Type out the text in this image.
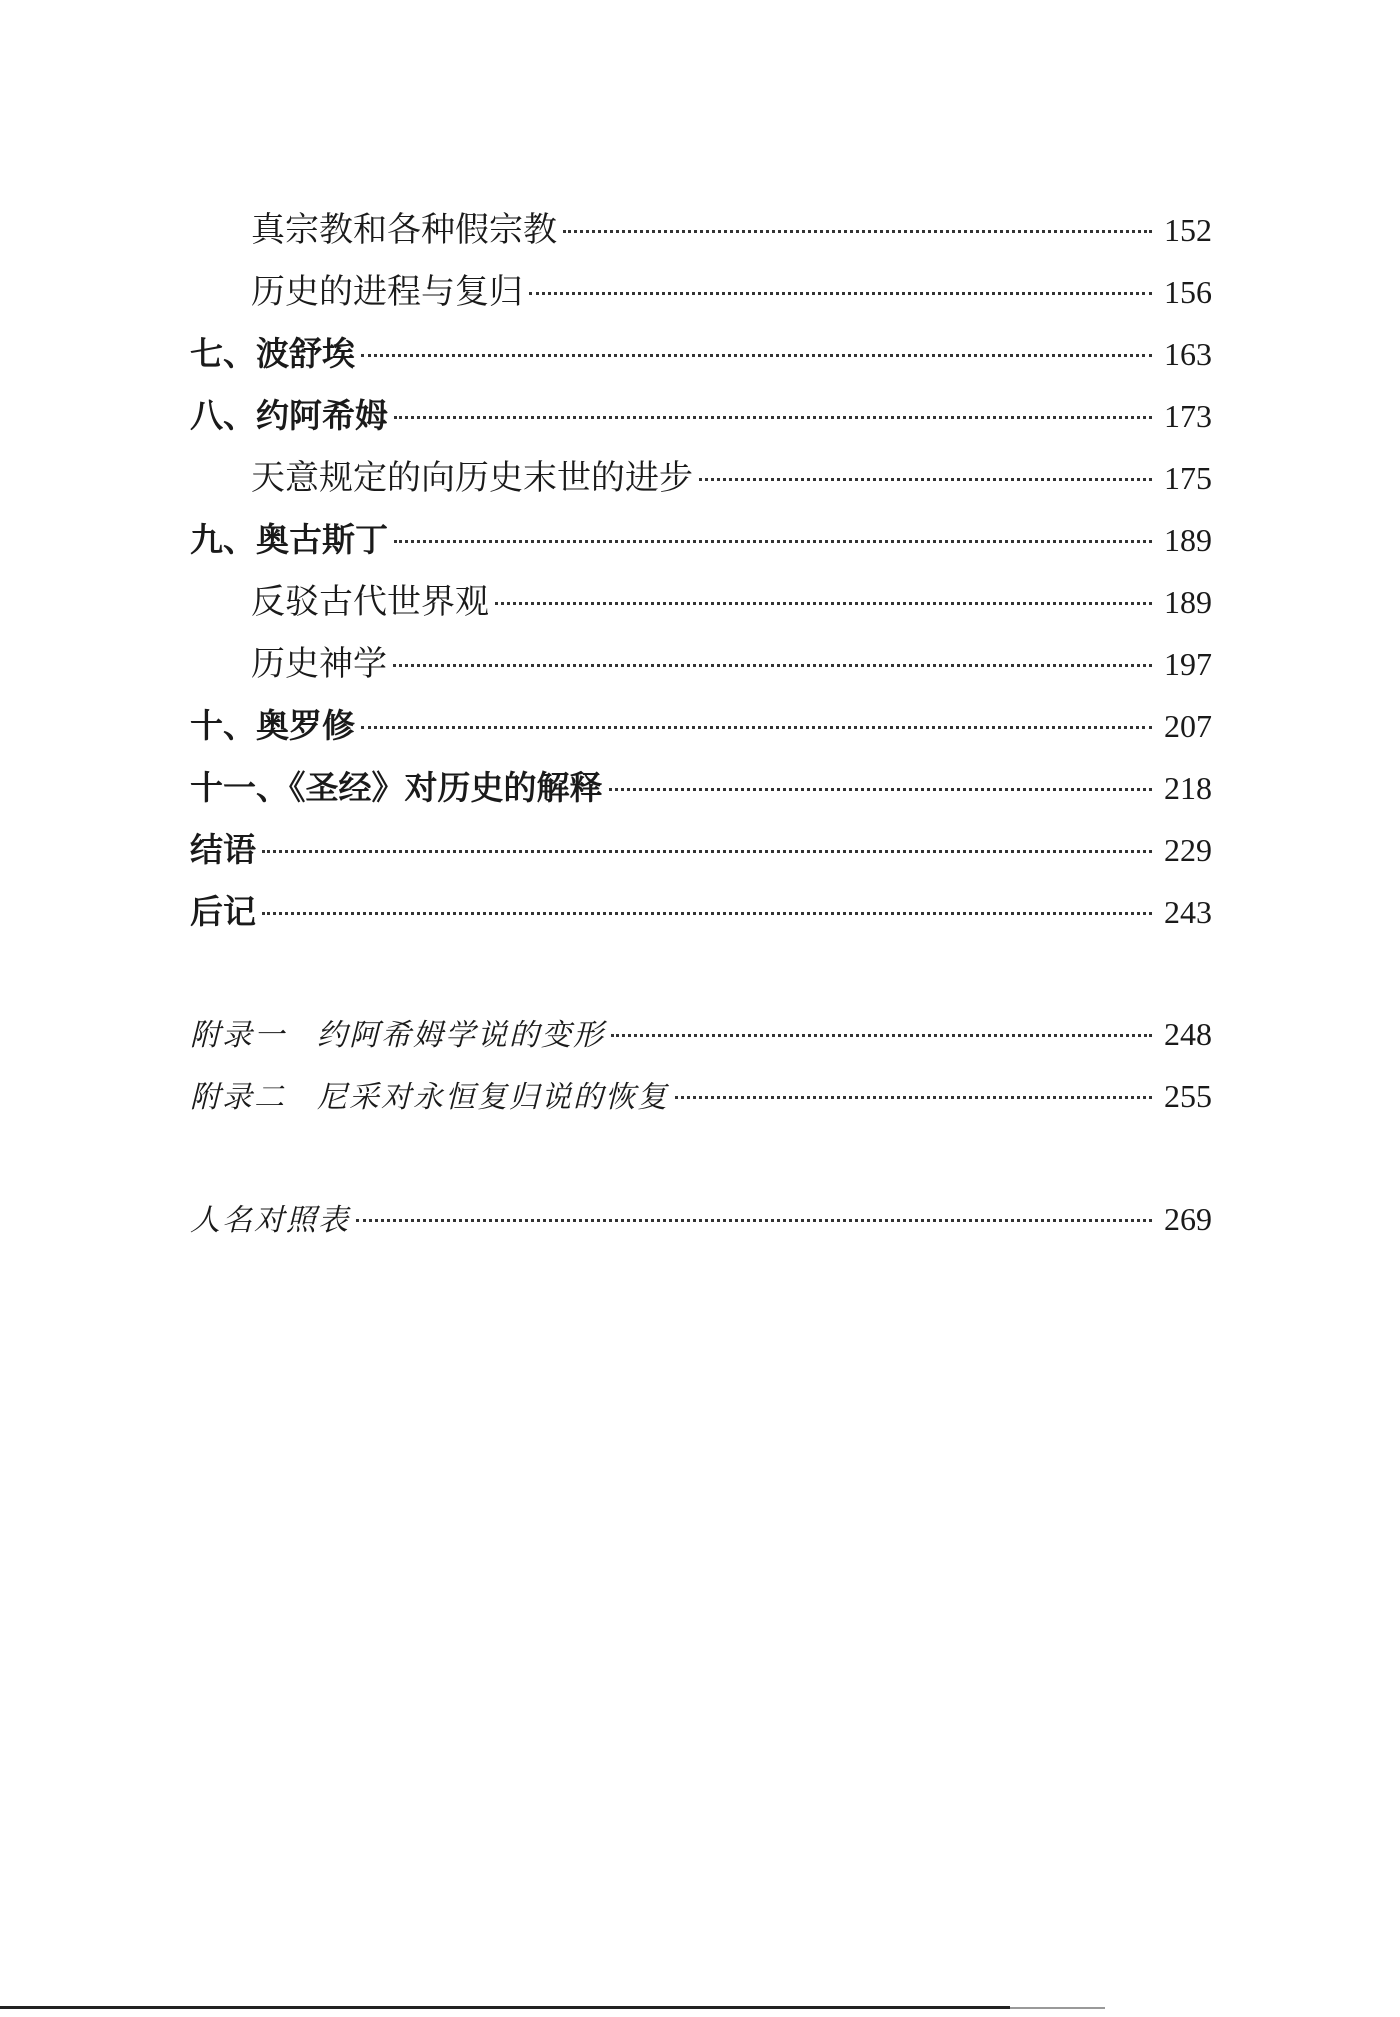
真宗教和各种假宗教	152
历史的进程与复归	156
七、波舒埃	163
八、约阿希姆	173
天意规定的向历史末世的进步	175
九、奥古斯丁	189
反驳古代世界观	189
历史神学	197
十、奥罗修	207
十一、《圣经》对历史的解释	218
结语	229
后记	243
附录一 约阿希姆学说的变形	248
附录二 尼采对永恒复归说的恢复	255
人名对照表	269
